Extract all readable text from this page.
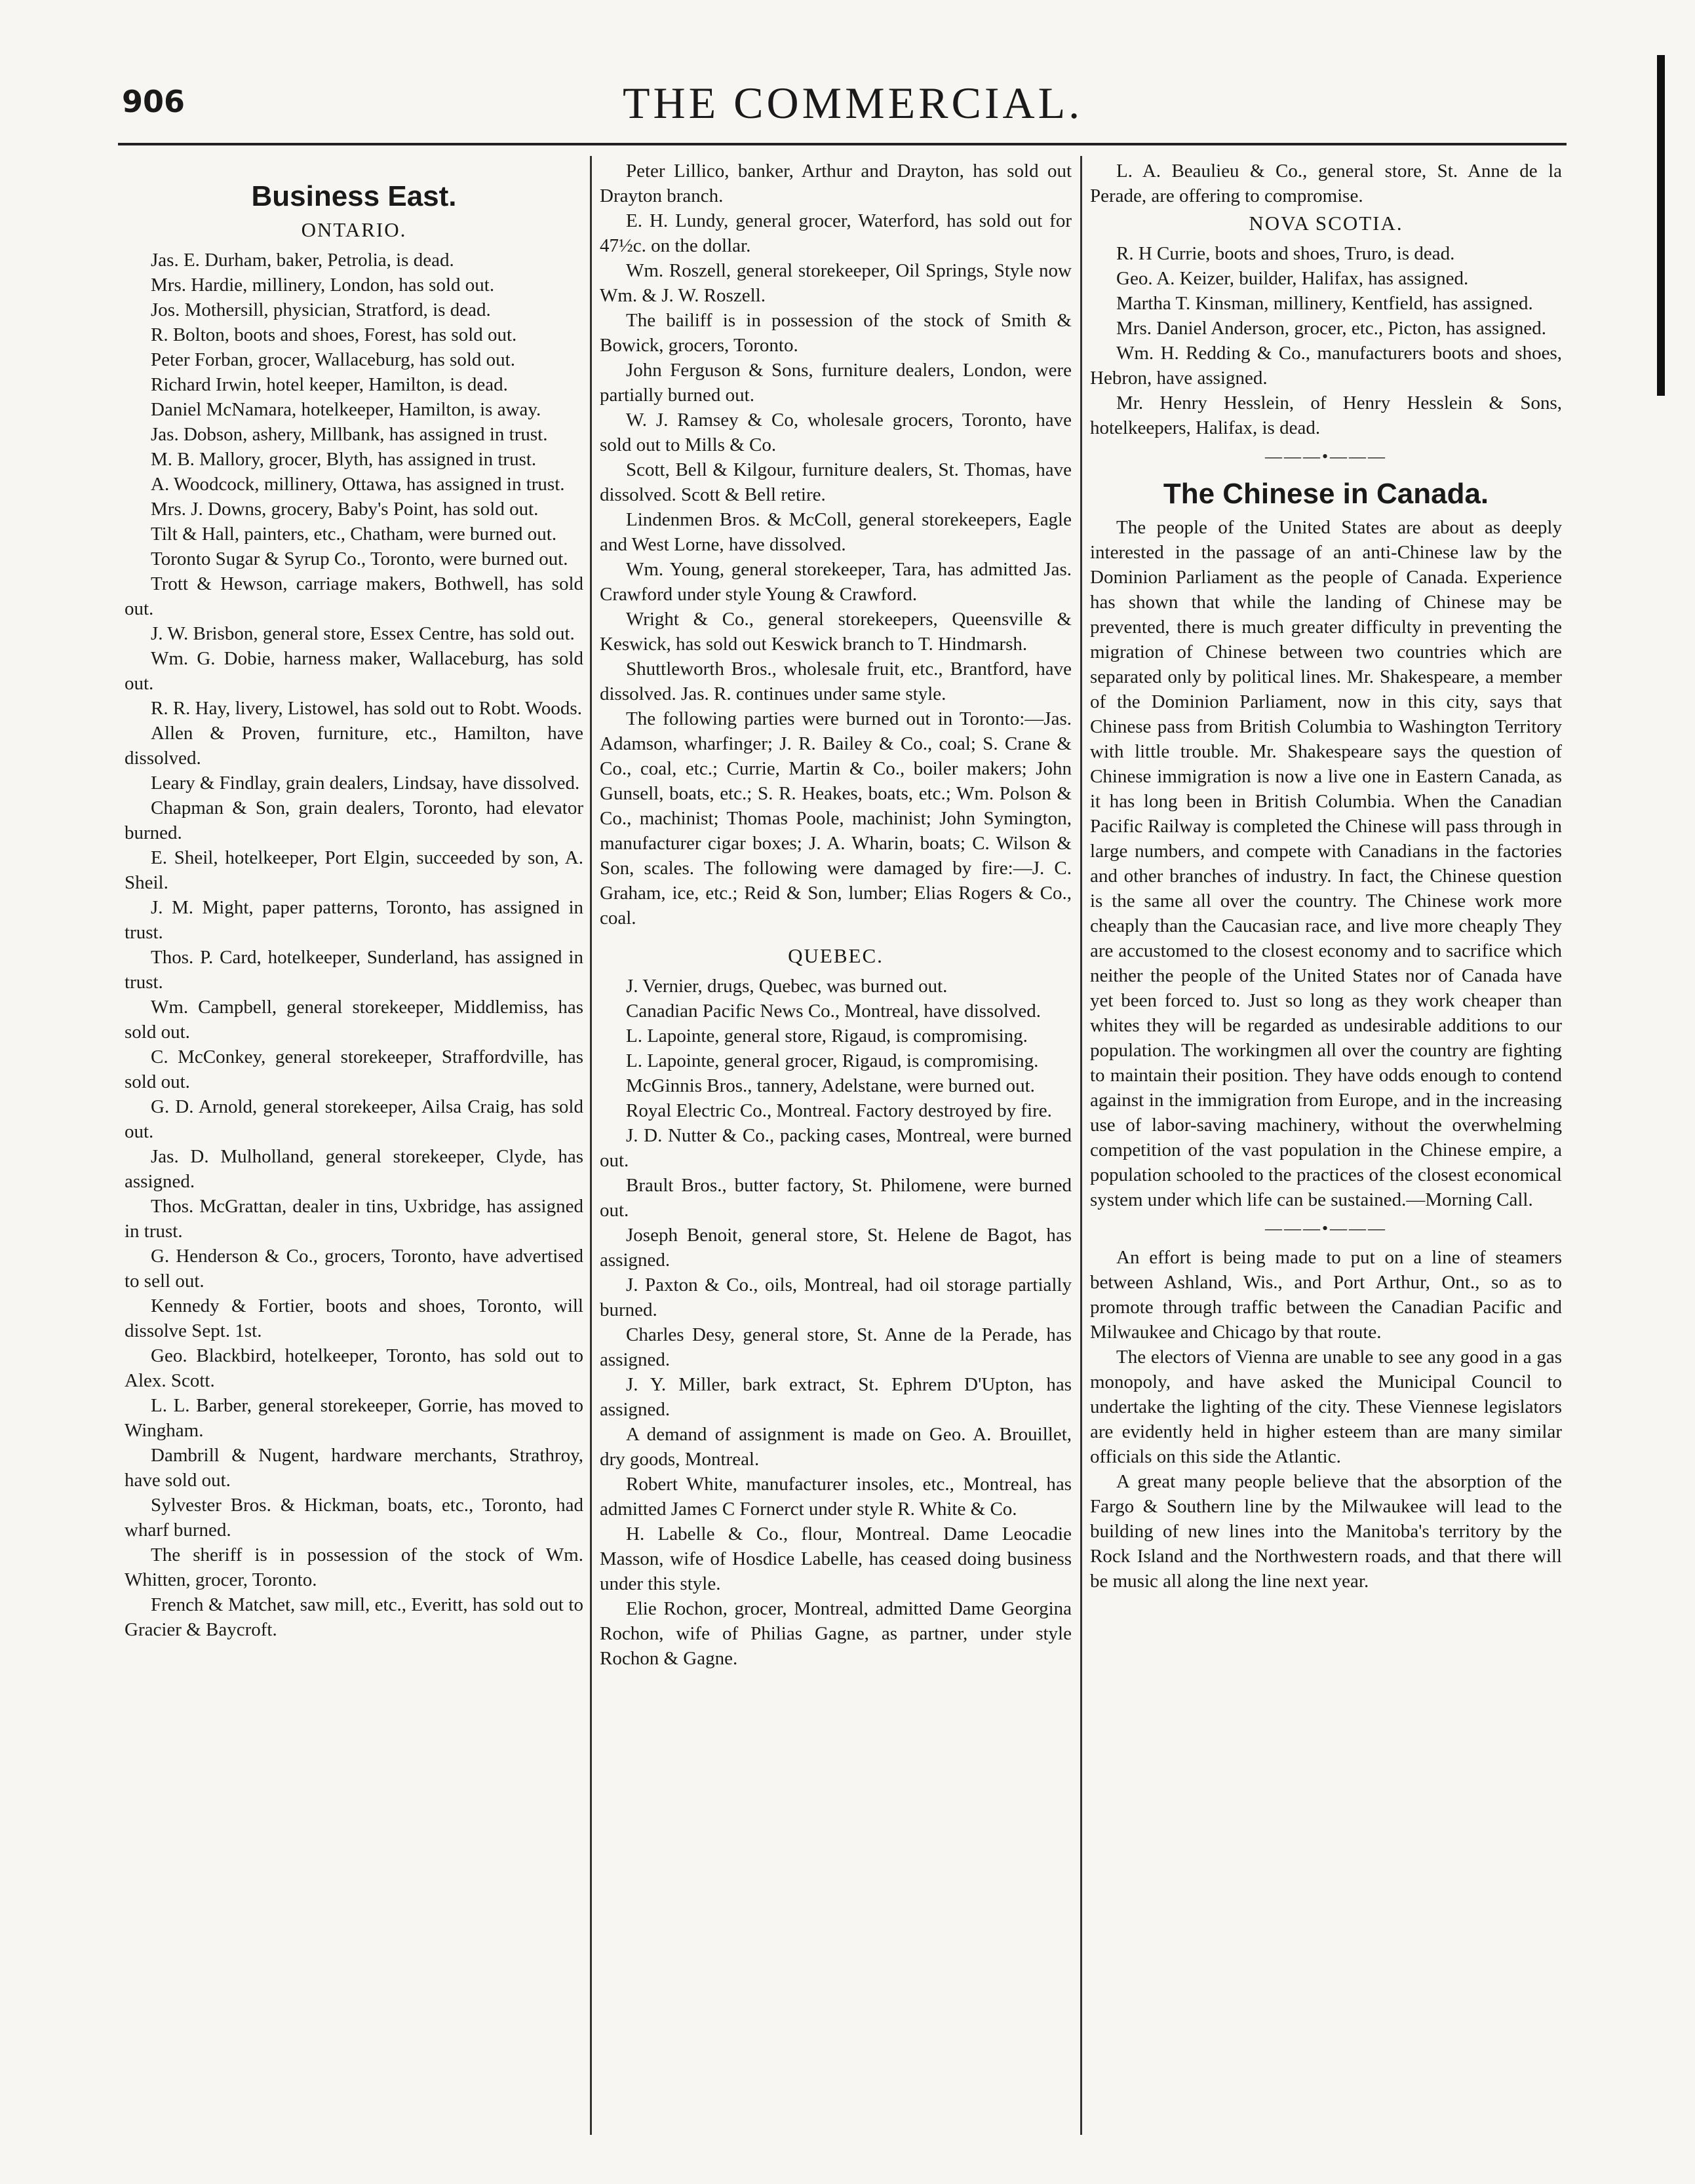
906	THE COMMERCIAL.
Business East.
ONTARIO.

Jas. E. Durham, baker, Petrolia, is dead.

Mrs. Hardie, millinery, London, has sold out.

Jos. Mothersill, physician, Stratford, is dead.

R. Bolton, boots and shoes, Forest, has sold out.

Peter Forban, grocer, Wallaceburg, has sold out.

Richard Irwin, hotel keeper, Hamilton, is dead.

Daniel McNamara, hotelkeeper, Hamilton, is away.

Jas. Dobson, ashery, Millbank, has assigned in trust.

M. B. Mallory, grocer, Blyth, has assigned in trust.

A. Woodcock, millinery, Ottawa, has assigned in trust.

Mrs. J. Downs, grocery, Baby's Point, has sold out.

Tilt & Hall, painters, etc., Chatham, were burned out.

Toronto Sugar & Syrup Co., Toronto, were burned out.

Trott & Hewson, carriage makers, Bothwell, has sold out.

J. W. Brisbon, general store, Essex Centre, has sold out.

Wm. G. Dobie, harness maker, Wallaceburg, has sold out.

R. R. Hay, livery, Listowel, has sold out to Robt. Woods.

Allen & Proven, furniture, etc., Hamilton, have dissolved.

Leary & Findlay, grain dealers, Lindsay, have dissolved.

Chapman & Son, grain dealers, Toronto, had elevator burned.

E. Sheil, hotelkeeper, Port Elgin, succeeded by son, A. Sheil.

J. M. Might, paper patterns, Toronto, has assigned in trust.

Thos. P. Card, hotelkeeper, Sunderland, has assigned in trust.

Wm. Campbell, general storekeeper, Middlemiss, has sold out.

C. McConkey, general storekeeper, Straffordville, has sold out.

G. D. Arnold, general storekeeper, Ailsa Craig, has sold out.

Jas. D. Mulholland, general storekeeper, Clyde, has assigned.

Thos. McGrattan, dealer in tins, Uxbridge, has assigned in trust.

G. Henderson & Co., grocers, Toronto, have advertised to sell out.

Kennedy & Fortier, boots and shoes, Toronto, will dissolve Sept. 1st.

Geo. Blackbird, hotelkeeper, Toronto, has sold out to Alex. Scott.

L. L. Barber, general storekeeper, Gorrie, has moved to Wingham.

Dambrill & Nugent, hardware merchants, Strathroy, have sold out.

Sylvester Bros. & Hickman, boats, etc., Toronto, had wharf burned.

The sheriff is in possession of the stock of Wm. Whitten, grocer, Toronto.

French & Matchet, saw mill, etc., Everitt, has sold out to Gracier & Baycroft.

Peter Lillico, banker, Arthur and Drayton, has sold out Drayton branch.

E. H. Lundy, general grocer, Waterford, has sold out for 47½c. on the dollar.

Wm. Roszell, general storekeeper, Oil Springs, Style now Wm. & J. W. Roszell.

The bailiff is in possession of the stock of Smith & Bowick, grocers, Toronto.

John Ferguson & Sons, furniture dealers, London, were partially burned out.

W. J. Ramsey & Co, wholesale grocers, Toronto, have sold out to Mills & Co.

Scott, Bell & Kilgour, furniture dealers, St. Thomas, have dissolved. Scott & Bell retire.

Lindenmen Bros. & McColl, general storekeepers, Eagle and West Lorne, have dissolved.

Wm. Young, general storekeeper, Tara, has admitted Jas. Crawford under style Young & Crawford.

Wright & Co., general storekeepers, Queensville & Keswick, has sold out Keswick branch to T. Hindmarsh.

Shuttleworth Bros., wholesale fruit, etc., Brantford, have dissolved. Jas. R. continues under same style.

The following parties were burned out in Toronto:—Jas. Adamson, wharfinger; J. R. Bailey & Co., coal; S. Crane & Co., coal, etc.; Currie, Martin & Co., boiler makers; John Gunsell, boats, etc.; S. R. Heakes, boats, etc.; Wm. Polson & Co., machinist; Thomas Poole, machinist; John Symington, manufacturer cigar boxes; J. A. Wharin, boats; C. Wilson & Son, scales. The following were damaged by fire:—J. C. Graham, ice, etc.; Reid & Son, lumber; Elias Rogers & Co., coal.

QUEBEC.

J. Vernier, drugs, Quebec, was burned out.

Canadian Pacific News Co., Montreal, have dissolved.

L. Lapointe, general store, Rigaud, is compromising.

L. Lapointe, general grocer, Rigaud, is compromising.

McGinnis Bros., tannery, Adelstane, were burned out.

Royal Electric Co., Montreal. Factory destroyed by fire.

J. D. Nutter & Co., packing cases, Montreal, were burned out.

Brault Bros., butter factory, St. Philomene, were burned out.

Joseph Benoit, general store, St. Helene de Bagot, has assigned.

J. Paxton & Co., oils, Montreal, had oil storage partially burned.

Charles Desy, general store, St. Anne de la Perade, has assigned.

J. Y. Miller, bark extract, St. Ephrem D'Upton, has assigned.

A demand of assignment is made on Geo. A. Brouillet, dry goods, Montreal.

Robert White, manufacturer insoles, etc., Montreal, has admitted James C Fornerct under style R. White & Co.

H. Labelle & Co., flour, Montreal. Dame Leocadie Masson, wife of Hosdice Labelle, has ceased doing business under this style.

Elie Rochon, grocer, Montreal, admitted Dame Georgina Rochon, wife of Philias Gagne, as partner, under style Rochon & Gagne.

L. A. Beaulieu & Co., general store, St. Anne de la Perade, are offering to compromise.

NOVA SCOTIA.

R. H Currie, boots and shoes, Truro, is dead.

Geo. A. Keizer, builder, Halifax, has assigned.

Martha T. Kinsman, millinery, Kentfield, has assigned.

Mrs. Daniel Anderson, grocer, etc., Picton, has assigned.

Wm. H. Redding & Co., manufacturers boots and shoes, Hebron, have assigned.

Mr. Henry Hesslein, of Henry Hesslein & Sons, hotelkeepers, Halifax, is dead.

———•———
The Chinese in Canada.

The people of the United States are about as deeply interested in the passage of an anti-Chinese law by the Dominion Parliament as the people of Canada. Experience has shown that while the landing of Chinese may be prevented, there is much greater difficulty in preventing the migration of Chinese between two countries which are separated only by political lines. Mr. Shakespeare, a member of the Dominion Parliament, now in this city, says that Chinese pass from British Columbia to Washington Territory with little trouble. Mr. Shakespeare says the question of Chinese immigration is now a live one in Eastern Canada, as it has long been in British Columbia. When the Canadian Pacific Railway is completed the Chinese will pass through in large numbers, and compete with Canadians in the factories and other branches of industry. In fact, the Chinese question is the same all over the country. The Chinese work more cheaply than the Caucasian race, and live more cheaply They are accustomed to the closest economy and to sacrifice which neither the people of the United States nor of Canada have yet been forced to. Just so long as they work cheaper than whites they will be regarded as undesirable additions to our population. The workingmen all over the country are fighting to maintain their position. They have odds enough to contend against in the immigration from Europe, and in the increasing use of labor-saving machinery, without the overwhelming competition of the vast population in the Chinese empire, a population schooled to the practices of the closest economical system under which life can be sustained.—Morning Call.

———•———

An effort is being made to put on a line of steamers between Ashland, Wis., and Port Arthur, Ont., so as to promote through traffic between the Canadian Pacific and Milwaukee and Chicago by that route.

The electors of Vienna are unable to see any good in a gas monopoly, and have asked the Municipal Council to undertake the lighting of the city. These Viennese legislators are evidently held in higher esteem than are many similar officials on this side the Atlantic.

A great many people believe that the absorption of the Fargo & Southern line by the Milwaukee will lead to the building of new lines into the Manitoba's territory by the Rock Island and the Northwestern roads, and that there will be music all along the line next year.
